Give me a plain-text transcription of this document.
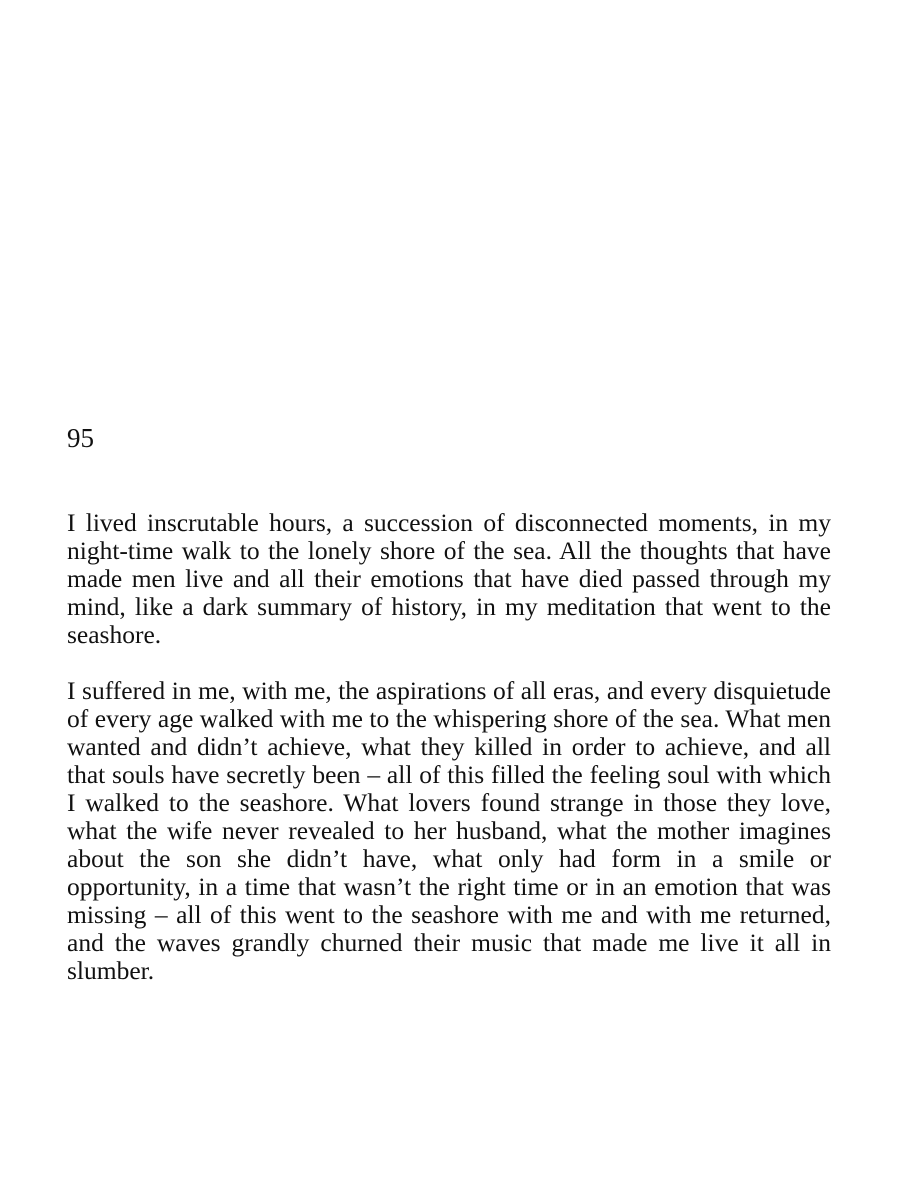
95

I lived inscrutable hours, a succession of disconnected moments, in my night-time walk to the lonely shore of the sea. All the thoughts that have made men live and all their emotions that have died passed through my mind, like a dark summary of history, in my meditation that went to the seashore.

I suffered in me, with me, the aspirations of all eras, and every disquietude of every age walked with me to the whispering shore of the sea. What men wanted and didn’t achieve, what they killed in order to achieve, and all that souls have secretly been – all of this filled the feeling soul with which I walked to the seashore. What lovers found strange in those they love, what the wife never revealed to her husband, what the mother imagines about the son she didn’t have, what only had form in a smile or opportunity, in a time that wasn’t the right time or in an emotion that was missing – all of this went to the seashore with me and with me returned, and the waves grandly churned their music that made me live it all in slumber.
